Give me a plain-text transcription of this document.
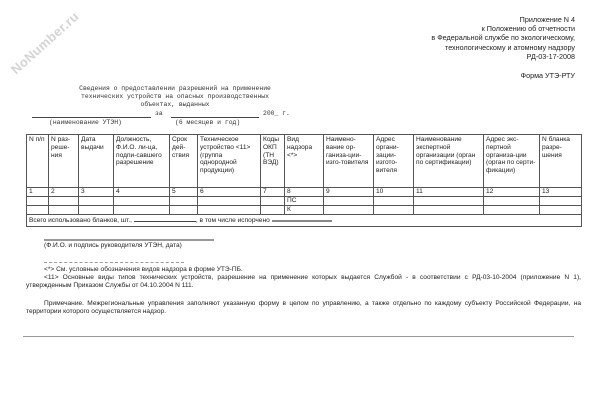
NoNumber.ru	Приложение N 4
к Положению об отчетности
в Федеральной службе по экологическому,
технологическому и атомному надзору
РД-03-17-2008
Форма УТЭ-РТУ
Сведения о предоставлении разрешений на применение
технических устройств на опасных производственных
объектах, выданных
за	200_ г.
(наименование УТЭН)	(6 месяцев и год)
N п/п	N раз-реше-ния	Дата выдачи	Должность, Ф.И.О. ли-ца, подпи-савшего разрешение	Срок дей-ствия	Техническое устройство <11> (группа однородной продукции)	Коды ОКП (ТН ВЭД)	Вид надзора <*>	Наимено-вание ор-ганиза-ции-изго-товителя	Адрес органи-зации-изгото-вителя	Наименование экспертной организации (орган по сертификации)	Адрес экс-пертной организа-ции (орган по серти-фикации)	N бланка разре-шения
1	2	3	4	5	6	7	8	9	10	11	12	13
							ПС					
							К					
Всего использовано бланков, шт., , в том числе испорчено												
(Ф.И.О. и подпись руководителя УТЭН, дата)

<*> См. условные обозначения видов надзора в форме УТЭ-ПБ.

<11> Основные виды типов технических устройств, разрешение на применение которых выдается Службой - в соответствии с РД-03-10-2004 (приложение N 1), утвержденным Приказом Службы от 04.10.2004 N 111.

Примечание. Межрегиональные управления заполняют указанную форму в целом по управлению, а также отдельно по каждому субъекту Российской Федерации, на территории которого осуществляется надзор.
